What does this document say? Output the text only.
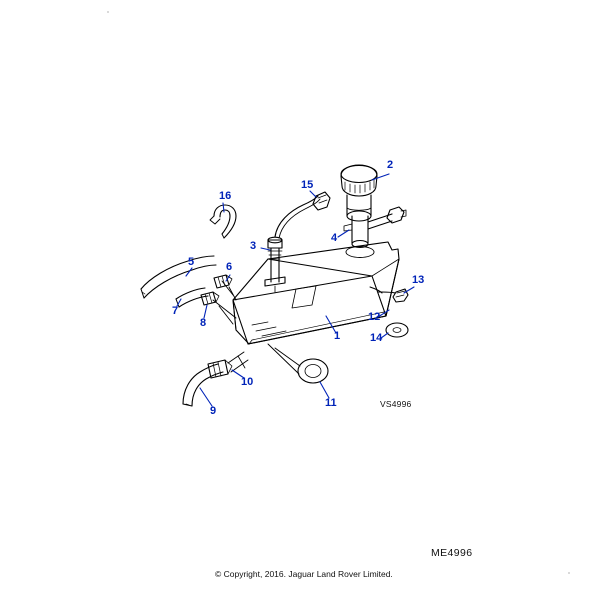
1
2
3
4
5	6
7
8
9
10
11
12
13
14
15
16
VS4996
ME4996
© Copyright, 2016. Jaguar Land Rover Limited.
